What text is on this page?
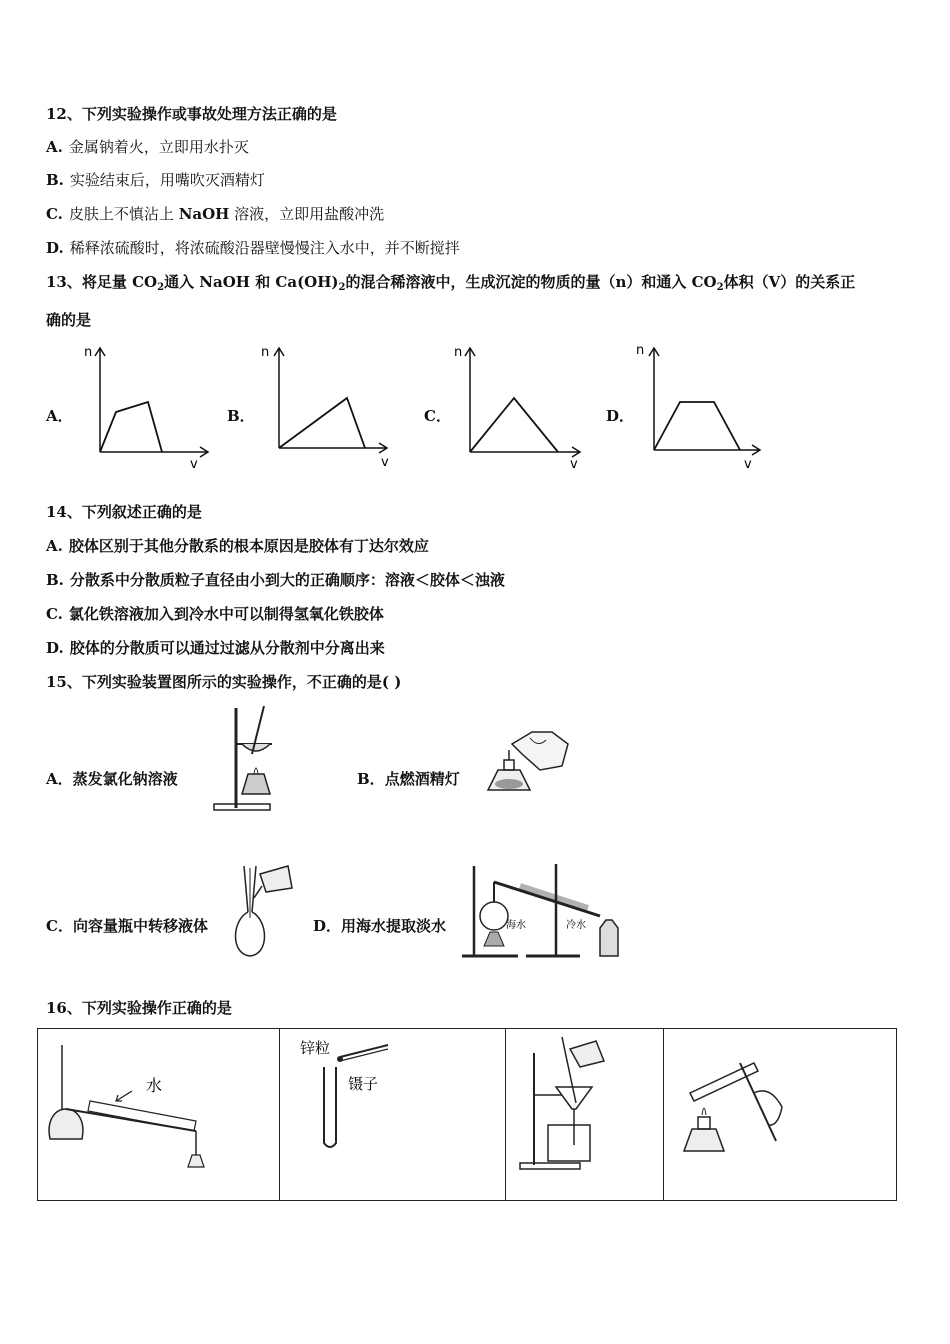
12、下列实验操作或事故处理方法正确的是
A. 金属钠着火，立即用水扑灭
B. 实验结束后，用嘴吹灭酒精灯
C. 皮肤上不慎沾上 NaOH 溶液，立即用盐酸冲洗
D. 稀释浓硫酸时，将浓硫酸沿器壁慢慢注入水中，并不断搅拌
13、将足量 $CO_2$通入 NaOH 和 $Ca(OH)_2$的混合稀溶液中，生成沉淀的物质的量（n）和通入 $CO_2$体积（V）的关系正
确的是
A．
n
v
B．
n
v
C．
n
v
D．
n
v
14、下列叙述正确的是
A. 胶体区别于其他分散系的根本原因是胶体有丁达尔效应
B. 分散系中分散质粒子直径由小到大的正确顺序：溶液＜胶体＜浊液
C. 氯化铁溶液加入到冷水中可以制得氢氧化铁胶体
D. 胶体的分散质可以通过过滤从分散剂中分离出来
15、下列实验装置图所示的实验操作，不正确的是( )
A．蒸发氯化钠溶液	B．点燃酒精灯
C．向容量瓶中转移液体	D．用海水提取淡水	海水	冷水
16、下列实验操作正确的是
水

锌粒
镊子
